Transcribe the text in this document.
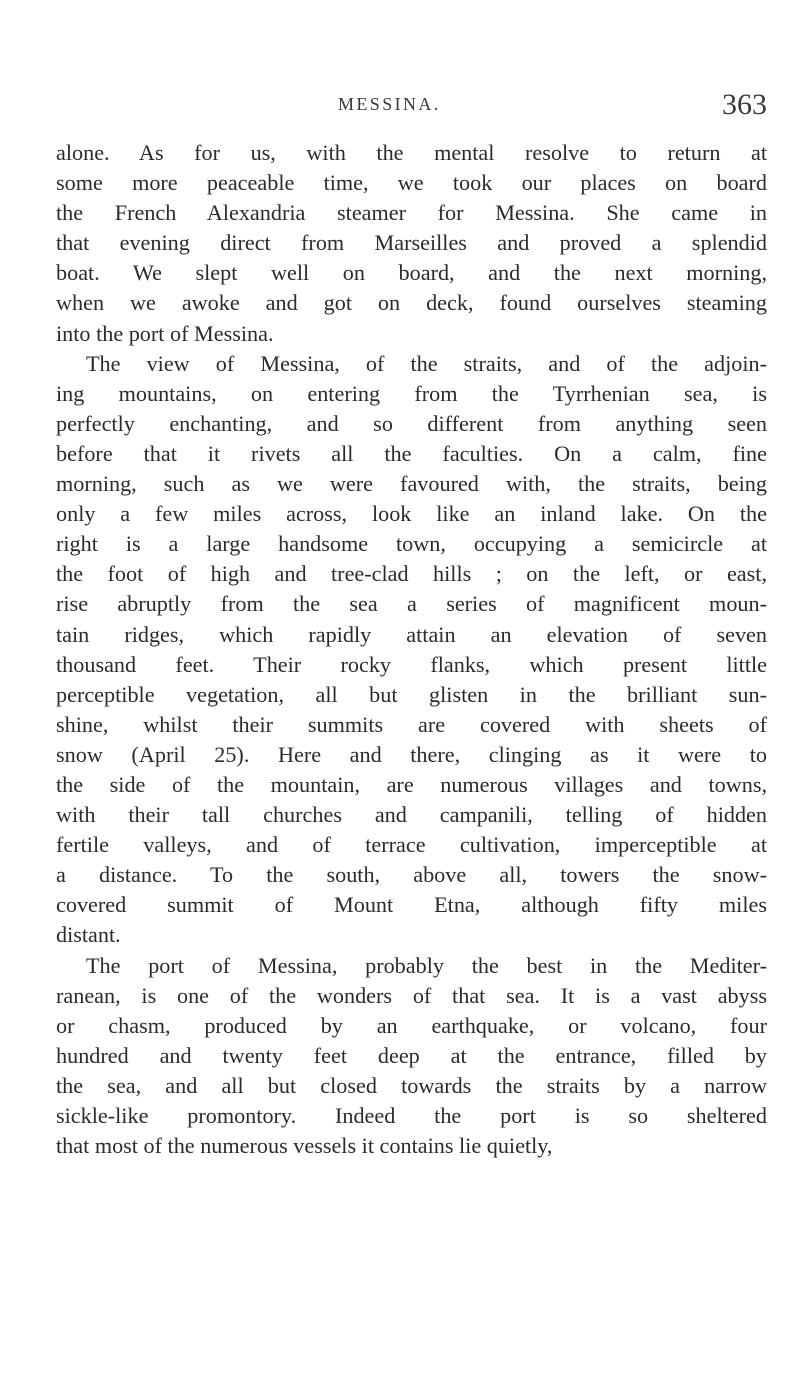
MESSINA.	363
alone. As for us, with the mental resolve to return at
some more peaceable time, we took our places on board
the French Alexandria steamer for Messina. She came in
that evening direct from Marseilles and proved a splendid
boat. We slept well on board, and the next morning,
when we awoke and got on deck, found ourselves steaming
into the port of Messina.
The view of Messina, of the straits, and of the adjoin-
ing mountains, on entering from the Tyrrhenian sea, is
perfectly enchanting, and so different from anything seen
before that it rivets all the faculties. On a calm, fine
morning, such as we were favoured with, the straits, being
only a few miles across, look like an inland lake. On the
right is a large handsome town, occupying a semicircle at
the foot of high and tree-clad hills ; on the left, or east,
rise abruptly from the sea a series of magnificent moun-
tain ridges, which rapidly attain an elevation of seven
thousand feet. Their rocky flanks, which present little
perceptible vegetation, all but glisten in the brilliant sun-
shine, whilst their summits are covered with sheets of
snow (April 25). Here and there, clinging as it were to
the side of the mountain, are numerous villages and towns,
with their tall churches and campanili, telling of hidden
fertile valleys, and of terrace cultivation, imperceptible at
a distance. To the south, above all, towers the snow-
covered summit of Mount Etna, although fifty miles
distant.
The port of Messina, probably the best in the Mediter-
ranean, is one of the wonders of that sea. It is a vast abyss
or chasm, produced by an earthquake, or volcano, four
hundred and twenty feet deep at the entrance, filled by
the sea, and all but closed towards the straits by a narrow
sickle-like promontory. Indeed the port is so sheltered
that most of the numerous vessels it contains lie quietly,
